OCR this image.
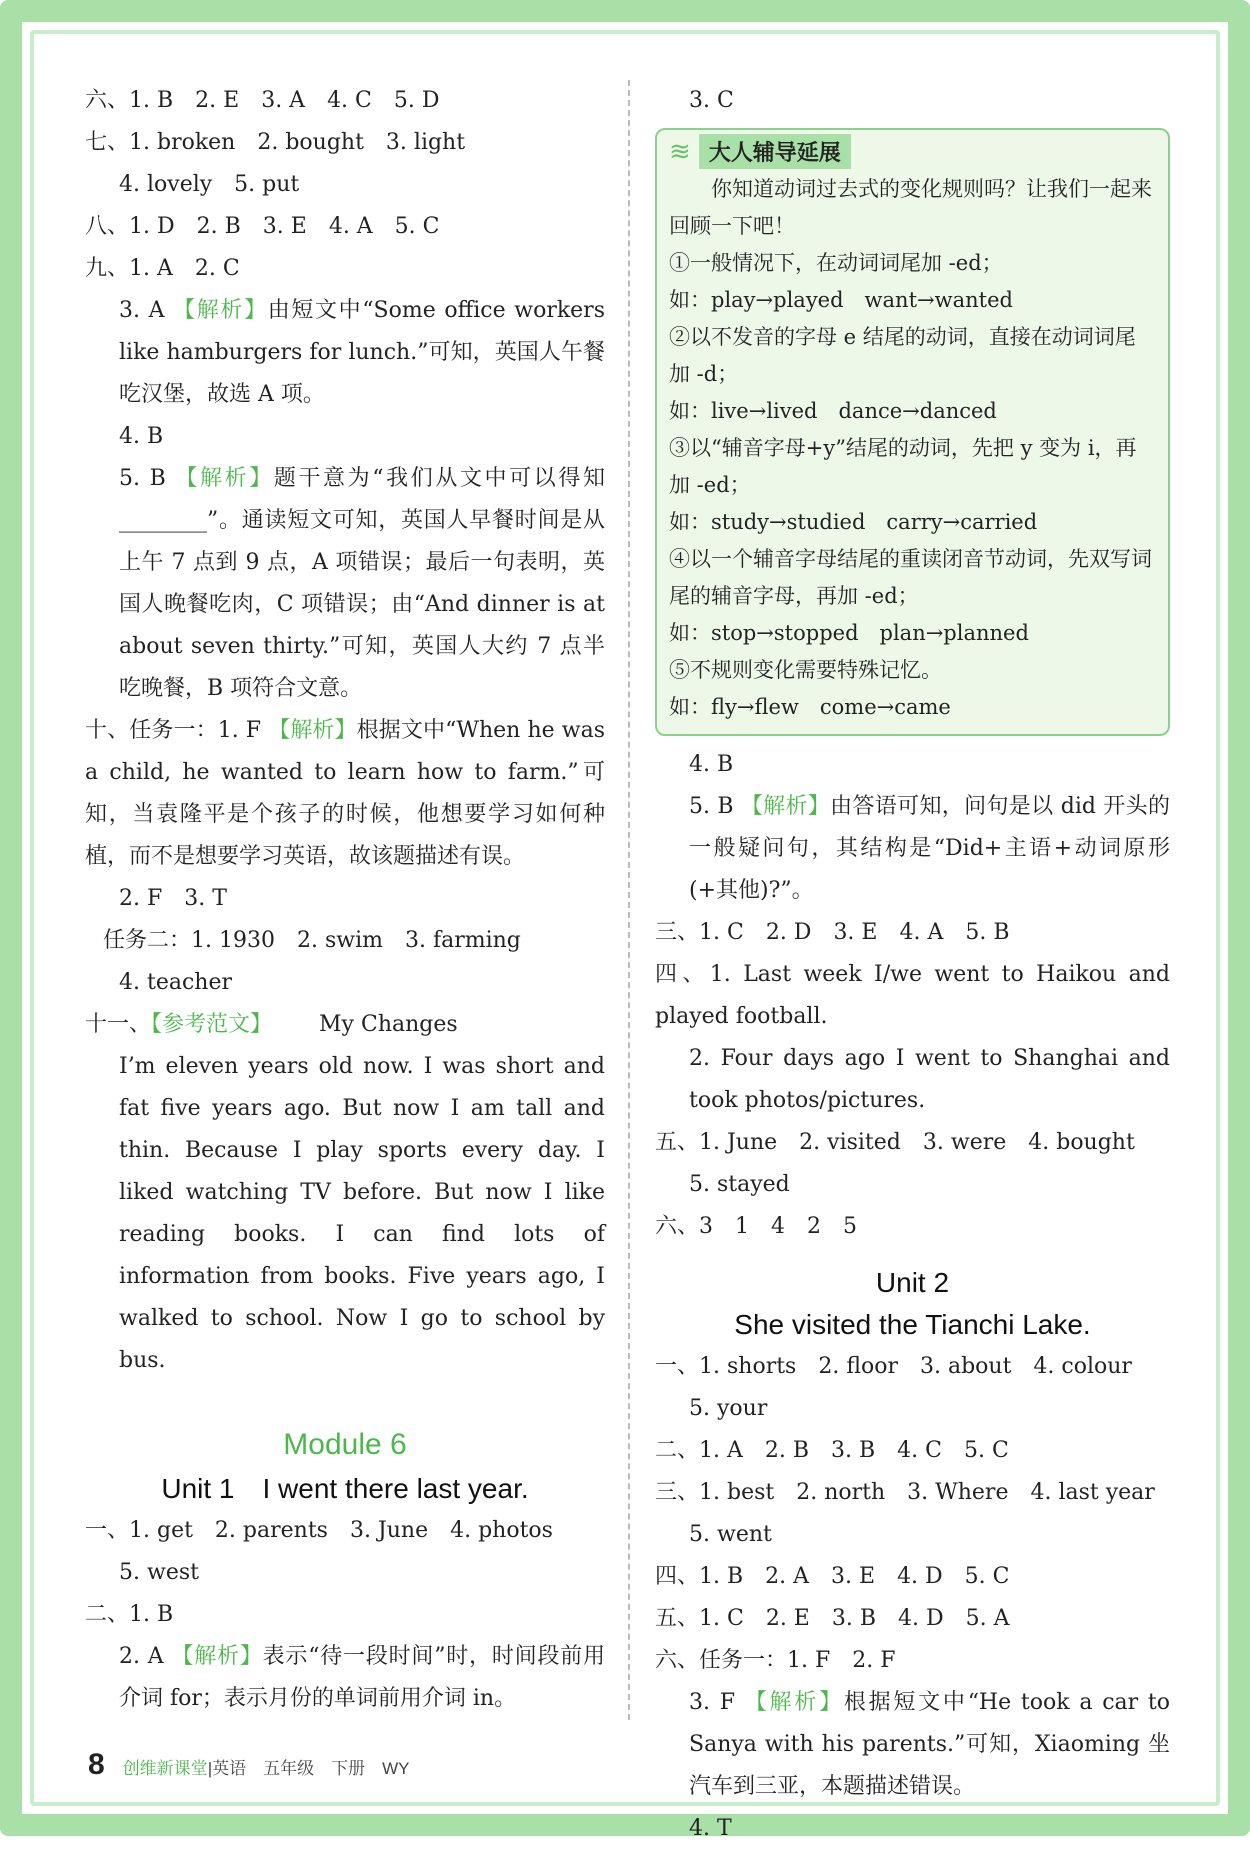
六、1. B　2. E　3. A　4. C　5. D
七、1. broken　2. bought　3. light
4. lovely　5. put
八、1. D　2. B　3. E　4. A　5. C
九、1. A　2. C
3. A 【解析】由短文中“Some office workers like hamburgers for lunch.”可知，英国人午餐吃汉堡，故选 A 项。
4. B
5. B 【解析】题干意为“我们从文中可以得知________”。通读短文可知，英国人早餐时间是从上午 7 点到 9 点，A 项错误；最后一句表明，英国人晚餐吃肉，C 项错误；由“And dinner is at about seven thirty.”可知，英国人大约 7 点半吃晚餐，B 项符合文意。
十、任务一：1. F 【解析】根据文中“When he was a child, he wanted to learn how to farm.”可知，当袁隆平是个孩子的时候，他想要学习如何种植，而不是想要学习英语，故该题描述有误。
2. F　3. T
任务二：1. 1930　2. swim　3. farming
4. teacher
十一、【参考范文】 My Changes
I’m eleven years old now. I was short and fat five years ago. But now I am tall and thin. Because I play sports every day. I liked watching TV before. But now I like reading books. I can find lots of information from books. Five years ago, I walked to school. Now I go to school by bus.
Module 6
Unit 1　I went there last year.
一、1. get　2. parents　3. June　4. photos
5. west
二、1. B
2. A 【解析】表示“待一段时间”时，时间段前用介词 for；表示月份的单词前用介词 in。
3. C
≋ 大人辅导延展
　　你知道动词过去式的变化规则吗？让我们一起来回顾一下吧！
①一般情况下，在动词词尾加 -ed；
如：play→played　want→wanted
②以不发音的字母 e 结尾的动词，直接在动词词尾加 -d；
如：live→lived　dance→danced
③以“辅音字母+y”结尾的动词，先把 y 变为 i，再加 -ed；
如：study→studied　carry→carried
④以一个辅音字母结尾的重读闭音节动词，先双写词尾的辅音字母，再加 -ed；
如：stop→stopped　plan→planned
⑤不规则变化需要特殊记忆。
如：fly→flew　come→came
4. B
5. B 【解析】由答语可知，问句是以 did 开头的一般疑问句，其结构是“Did+主语+动词原形(+其他)?”。
三、1. C　2. D　3. E　4. A　5. B
四、1. Last week I/we went to Haikou and played football.
2. Four days ago I went to Shanghai and took photos/pictures.
五、1. June　2. visited　3. were　4. bought
5. stayed
六、3　1　4　2　5
Unit 2
She visited the Tianchi Lake.
一、1. shorts　2. floor　3. about　4. colour
5. your
二、1. A　2. B　3. B　4. C　5. C
三、1. best　2. north　3. Where　4. last year
5. went
四、1. B　2. A　3. E　4. D　5. C
五、1. C　2. E　3. B　4. D　5. A
六、任务一：1. F　2. F
3. F 【解析】根据短文中“He took a car to Sanya with his parents.”可知，Xiaoming 坐汽车到三亚，本题描述错误。
4. T
8 创维新课堂|英语　五年级　下册　WY
